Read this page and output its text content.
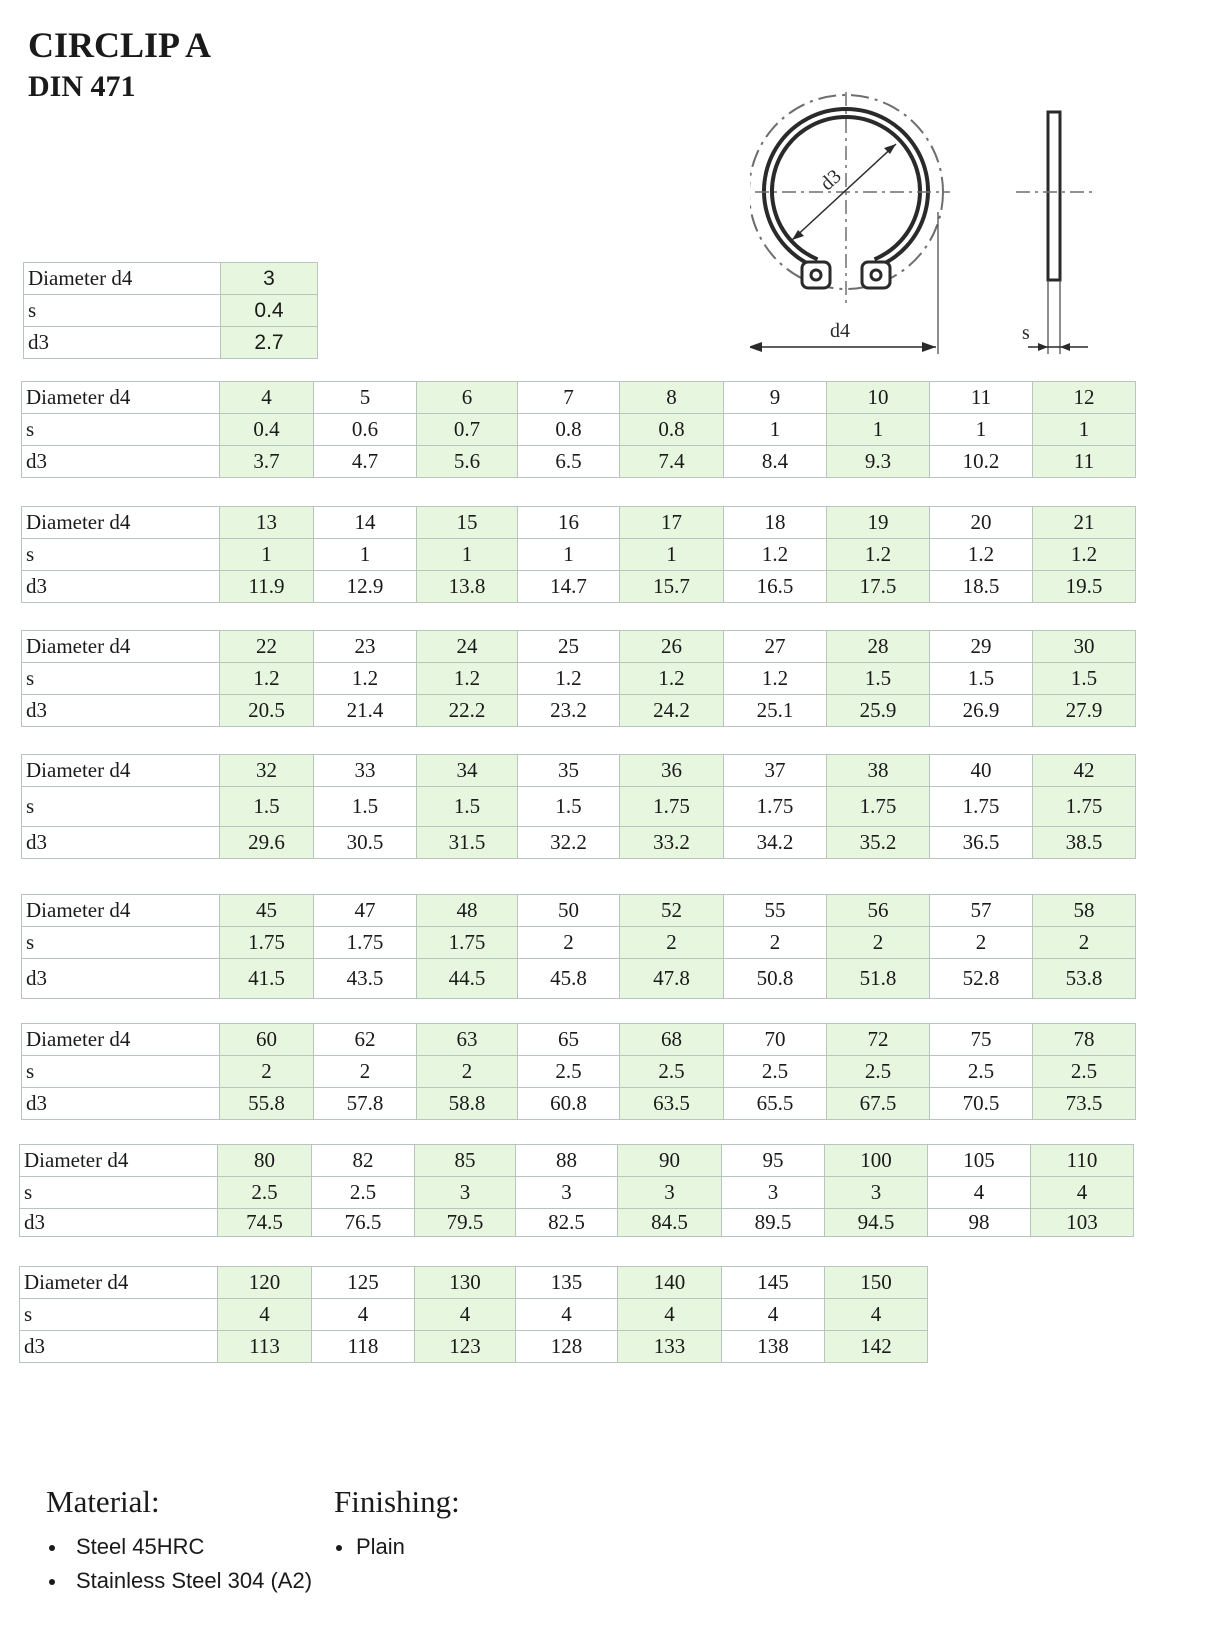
CIRCLIP A
DIN 471
d3
d4	s
Diameter d4	3
s	0.4
d3	2.7
Diameter d4	4	5	6	7	8	9	10	11	12
s	0.4	0.6	0.7	0.8	0.8	1	1	1	1
d3	3.7	4.7	5.6	6.5	7.4	8.4	9.3	10.2	11
Diameter d4	13	14	15	16	17	18	19	20	21
s	1	1	1	1	1	1.2	1.2	1.2	1.2
d3	11.9	12.9	13.8	14.7	15.7	16.5	17.5	18.5	19.5
Diameter d4	22	23	24	25	26	27	28	29	30
s	1.2	1.2	1.2	1.2	1.2	1.2	1.5	1.5	1.5
d3	20.5	21.4	22.2	23.2	24.2	25.1	25.9	26.9	27.9
Diameter d4	32	33	34	35	36	37	38	40	42
s	1.5	1.5	1.5	1.5	1.75	1.75	1.75	1.75	1.75
d3	29.6	30.5	31.5	32.2	33.2	34.2	35.2	36.5	38.5
Diameter d4	45	47	48	50	52	55	56	57	58
s	1.75	1.75	1.75	2	2	2	2	2	2
d3	41.5	43.5	44.5	45.8	47.8	50.8	51.8	52.8	53.8
Diameter d4	60	62	63	65	68	70	72	75	78
s	2	2	2	2.5	2.5	2.5	2.5	2.5	2.5
d3	55.8	57.8	58.8	60.8	63.5	65.5	67.5	70.5	73.5
Diameter d4	80	82	85	88	90	95	100	105	110
s	2.5	2.5	3	3	3	3	3	4	4
d3	74.5	76.5	79.5	82.5	84.5	89.5	94.5	98	103
Diameter d4	120	125	130	135	140	145	150
s	4	4	4	4	4	4	4
d3	113	118	123	128	133	138	142
Material:
Steel 45HRC
Stainless Steel 304 (A2)
Finishing:
Plain
